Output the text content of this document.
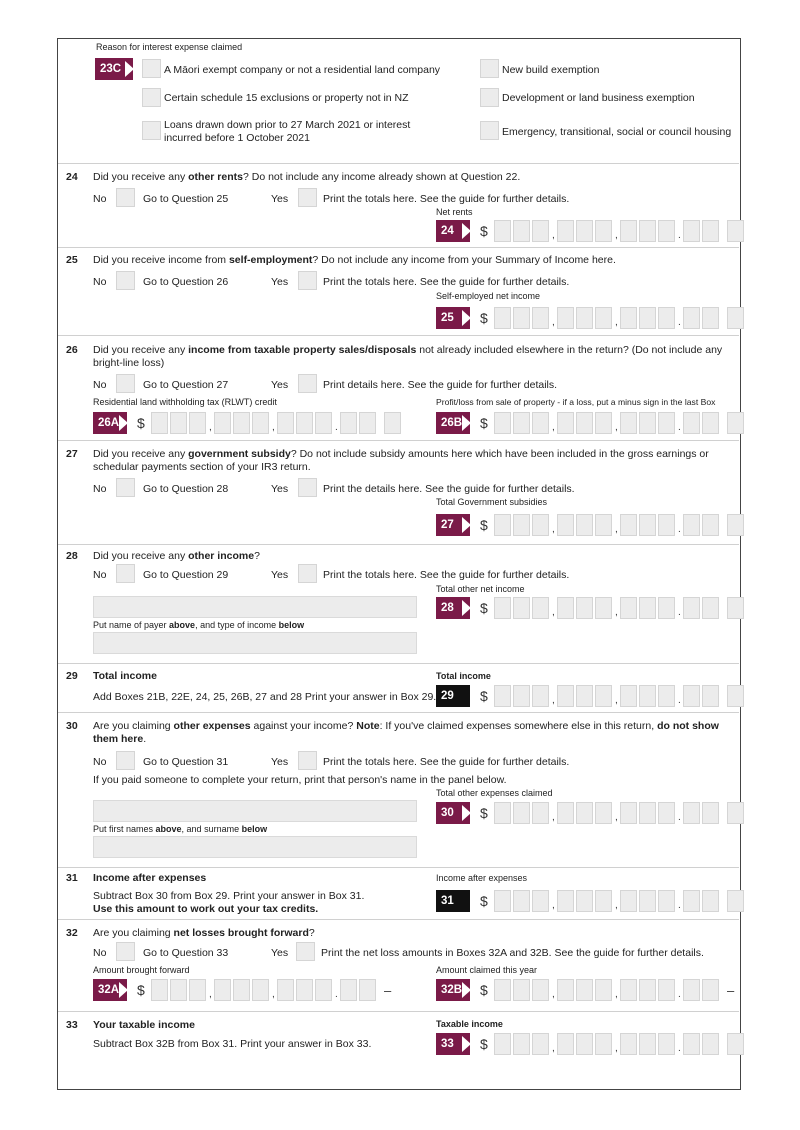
Reason for interest expense claimed
23C	A Māori exempt company or not a residential land company
Certain schedule 15 exclusions or property not in NZ
Loans drawn down prior to 27 March 2021 or interest
incurred before 1 October 2021
New build exemption
Development or land business exemption
Emergency, transitional, social or council housing
24 Did you receive any other rents? Do not include any income already shown at Question 22.
No	Go to Question 25	Yes	Print the totals here. See the guide for further details.
Net rents
24
25 Did you receive income from self-employment? Do not include any income from your Summary of Income here.
No	Go to Question 26	Yes	Print the totals here. See the guide for further details.
Self-employed net income
25
26 Did you receive any income from taxable property sales/disposals not already included elsewhere in the return? (Do not include any
bright-line loss)
No	Go to Question 27	Yes	Print details here. See the guide for further details.
Residential land withholding tax (RLWT) credit	Profit/loss from sale of property - if a loss, put a minus sign in the last Box
26A	26B
27 Did you receive any government subsidy? Do not include subsidy amounts here which have been included in the gross earnings or
schedular payments section of your IR3 return.
No	Go to Question 28	Yes	Print the details here. See the guide for further details.
Total Government subsidies
27
28 Did you receive any other income?
No	Go to Question 29	Yes	Print the totals here. See the guide for further details.
Total other net income
28
Put name of payer above, and type of income below
29 Total income
Add Boxes 21B, 22E, 24, 25, 26B, 27 and 28 Print your answer in Box 29.
Total income
29
30 Are you claiming other expenses against your income? Note: If you've claimed expenses somewhere else in this return, do not show
them here.
No	Go to Question 31	Yes	Print the totals here. See the guide for further details.
If you paid someone to complete your return, print that person's name in the panel below.
Total other expenses claimed
30
Put first names above, and surname below
31 Income after expenses
Subtract Box 30 from Box 29. Print your answer in Box 31.
Use this amount to work out your tax credits.
Income after expenses
31
32 Are you claiming net losses brought forward?
No	Go to Question 33	Yes	Print the net loss amounts in Boxes 32A and 32B. See the guide for further details.
Amount brought forward	Amount claimed this year
32A	32B
33 Your taxable income
Subtract Box 32B from Box 31. Print your answer in Box 33.
Taxable income
33
$	,	,	.
$	,	,	.
$	,	,	.	$	,	,	.
$	,	,	.
$	,	,	.
$	,	,	.
$	,	,	.
$	,	,	.
$	,	,	.	–	$	,	,	.	–
$	,	,	.
